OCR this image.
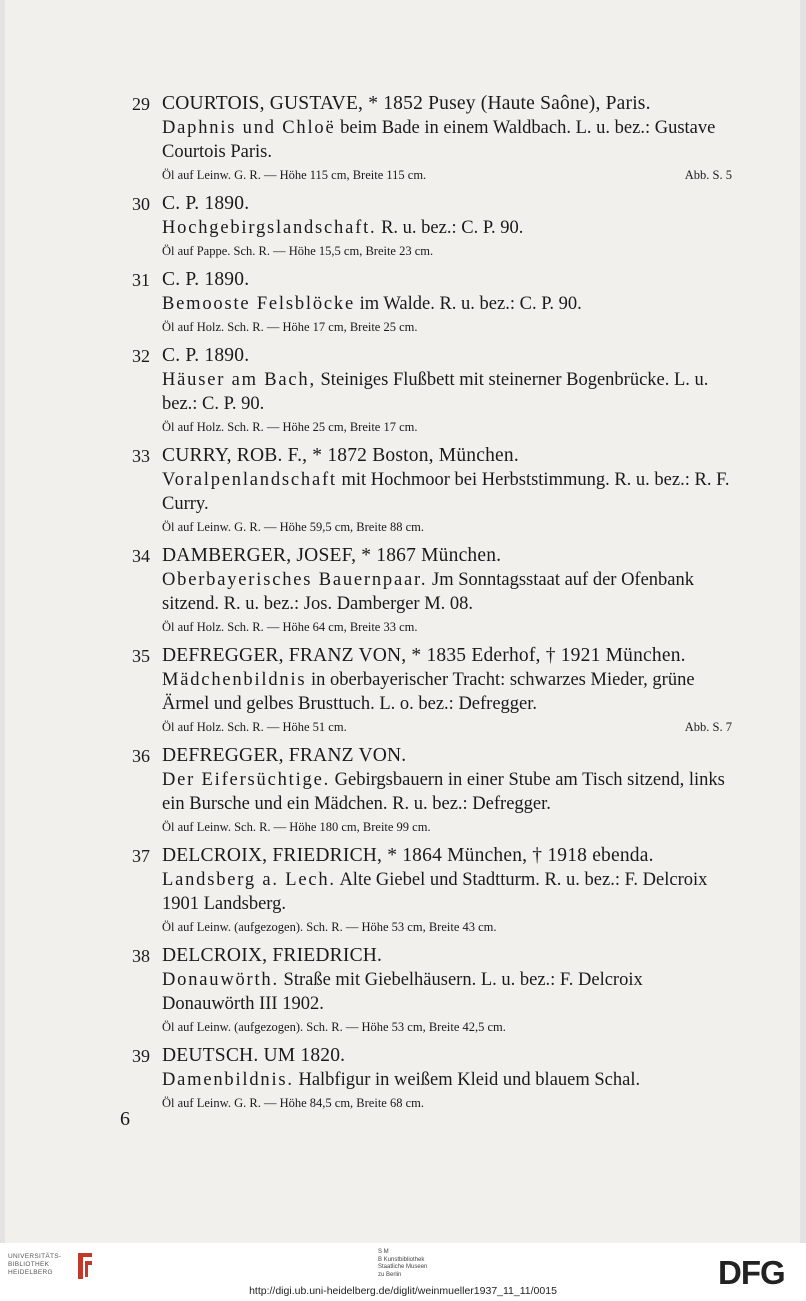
29 COURTOIS, GUSTAVE, * 1852 Pusey (Haute Saône), Paris.
Daphnis und Chloë beim Bade in einem Waldbach. L. u. bez.: Gustave Courtois Paris.
Öl auf Leinw. G. R. — Höhe 115 cm, Breite 115 cm.	Abb. S. 5
30 C. P. 1890.
Hochgebirgslandschaft. R. u. bez.: C. P. 90.
Öl auf Pappe. Sch. R. — Höhe 15,5 cm, Breite 23 cm.
31 C. P. 1890.
Bemooste Felsblöcke im Walde. R. u. bez.: C. P. 90.
Öl auf Holz. Sch. R. — Höhe 17 cm, Breite 25 cm.
32 C. P. 1890.
Häuser am Bach, Steiniges Flußbett mit steinerner Bogenbrücke. L. u. bez.: C. P. 90.
Öl auf Holz. Sch. R. — Höhe 25 cm, Breite 17 cm.
33 CURRY, ROB. F., * 1872 Boston, München.
Voralpenlandschaft mit Hochmoor bei Herbststimmung. R. u. bez.: R. F. Curry.
Öl auf Leinw. G. R. — Höhe 59,5 cm, Breite 88 cm.
34 DAMBERGER, JOSEF, * 1867 München.
Oberbayerisches Bauernpaar. Jm Sonntagsstaat auf der Ofenbank sitzend. R. u. bez.: Jos. Damberger M. 08.
Öl auf Holz. Sch. R. — Höhe 64 cm, Breite 33 cm.
35 DEFREGGER, FRANZ VON, * 1835 Ederhof, † 1921 München.
Mädchenbildnis in oberbayerischer Tracht: schwarzes Mieder, grüne Ärmel und gelbes Brusttuch. L. o. bez.: Defregger.
Öl auf Holz. Sch. R. — Höhe 51 cm.	Abb. S. 7
36 DEFREGGER, FRANZ VON.
Der Eifersüchtige. Gebirgsbauern in einer Stube am Tisch sitzend, links ein Bursche und ein Mädchen. R. u. bez.: Defregger.
Öl auf Leinw. Sch. R. — Höhe 180 cm, Breite 99 cm.
37 DELCROIX, FRIEDRICH, * 1864 München, † 1918 ebenda.
Landsberg a. Lech. Alte Giebel und Stadtturm. R. u. bez.: F. Delcroix 1901 Landsberg.
Öl auf Leinw. (aufgezogen). Sch. R. — Höhe 53 cm, Breite 43 cm.
38 DELCROIX, FRIEDRICH.
Donauwörth. Straße mit Giebelhäusern. L. u. bez.: F. Delcroix Donauwörth III 1902.
Öl auf Leinw. (aufgezogen). Sch. R. — Höhe 53 cm, Breite 42,5 cm.
39 DEUTSCH. UM 1820.
Damenbildnis. Halbfigur in weißem Kleid und blauem Schal.
Öl auf Leinw. G. R. — Höhe 84,5 cm, Breite 68 cm.
6
UNIVERSITÄTS-
BIBLIOTHEK
HEIDELBERG
S M
B Kunstbibliothek
Staatliche Museen
zu Berlin	DFG
http://digi.ub.uni-heidelberg.de/diglit/weinmueller1937_11_11/0015
